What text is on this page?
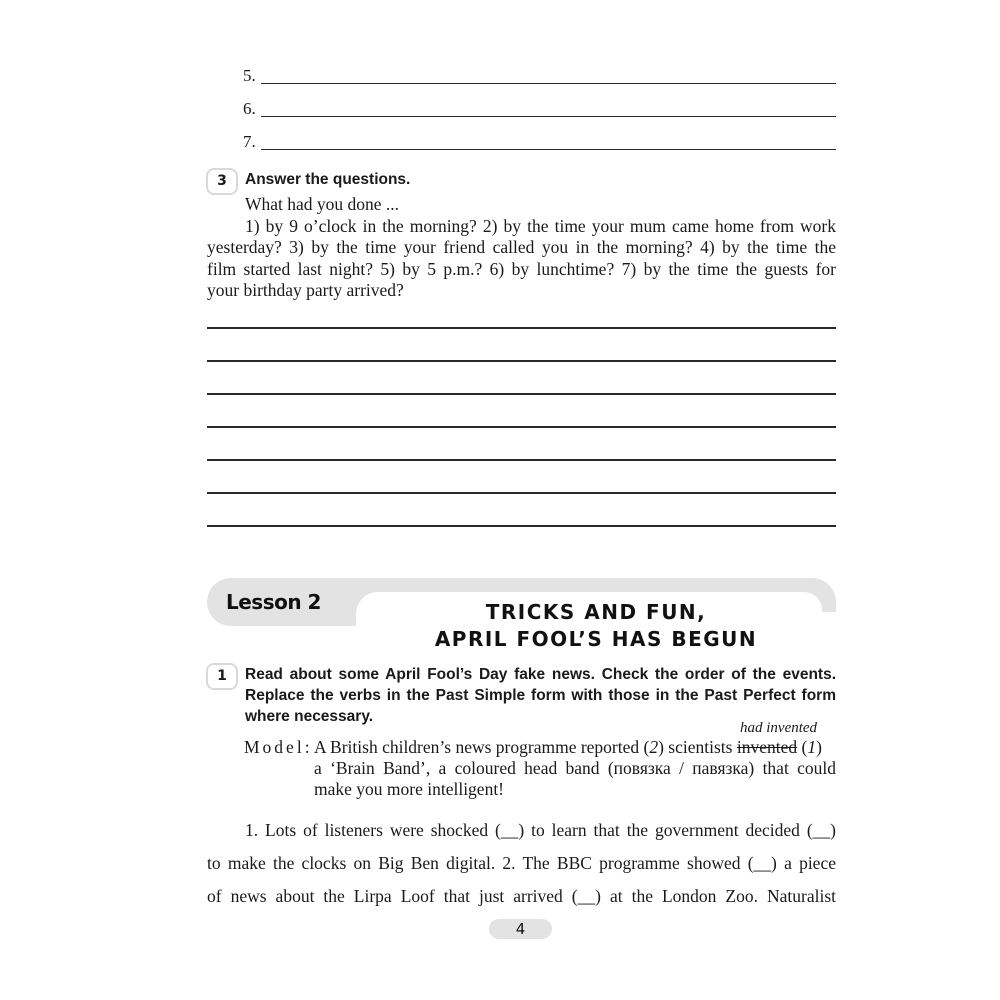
5.
6.
7.
3	Answer the questions.
What had you done ...
1) by 9 o’clock in the morning? 2) by the time your mum came home from work
yesterday? 3) by the time your friend called you in the morning? 4) by the time the
film started last night? 5) by 5 p.m.? 6) by lunchtime? 7) by the time the guests for
your birthday party arrived?
Lesson 2	TRICKS AND FUN,
APRIL FOOL’S HAS BEGUN
1	Read about some April Fool’s Day fake news. Check the order of the events.
Replace the verbs in the Past Simple form with those in the Past Perfect form
where necessary.
had invented
Model: A British children’s news programme reported (2) scientists invented (1)
a ‘Brain Band’, a coloured head band (повязка / павязка) that could
make you more intelligent!
1. Lots of listeners were shocked (__) to learn that the government decided (__)
to make the clocks on Big Ben digital. 2. The BBC programme showed (__) a piece
of news about the Lirpa Loof that just arrived (__) at the London Zoo. Naturalist
4
